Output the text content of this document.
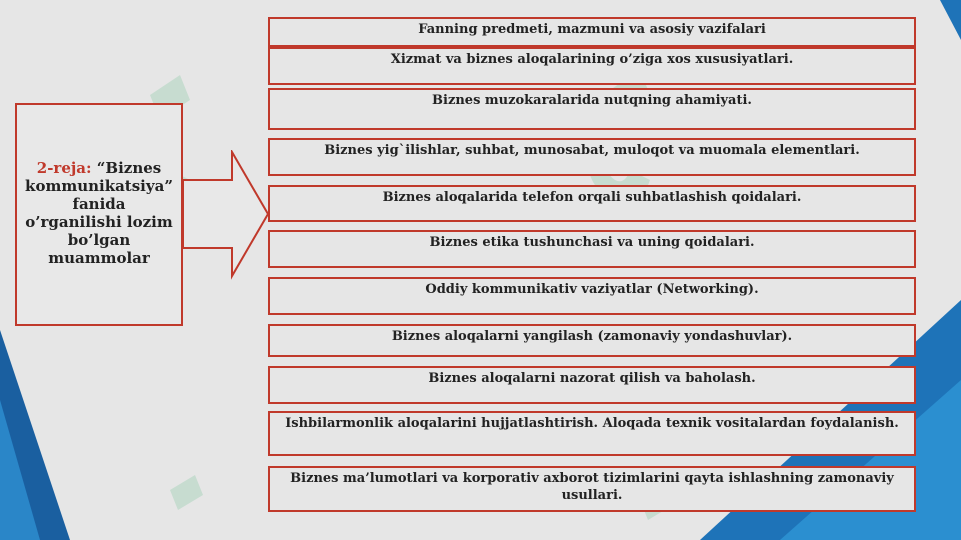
2-reja: “Biznes kommunikatsiya” fanida o’rganilishi lozim bo’lgan muammolar
Fanning predmeti, mazmuni va asosiy vazifalari
Xizmat va biznes aloqalarining o’ziga xos xususiyatlari.
Biznes muzokaralarida nutqning ahamiyati.
Biznes yig`ilishlar, suhbat, munosabat, muloqot va muomala elementlari.
Biznes aloqalarida telefon orqali suhbatlashish qoidalari.
Biznes etika tushunchasi va uning qoidalari.
Oddiy kommunikativ vaziyatlar (Networking).
Biznes aloqalarni yangilash (zamonaviy yondashuvlar).
Biznes aloqalarni nazorat qilish va baholash.
Ishbilarmonlik aloqalarini hujjatlashtirish. Aloqada texnik vositalardan foydalanish.
Biznes ma’lumotlari va korporativ axborot tizimlarini qayta ishlashning zamonaviy usullari.
